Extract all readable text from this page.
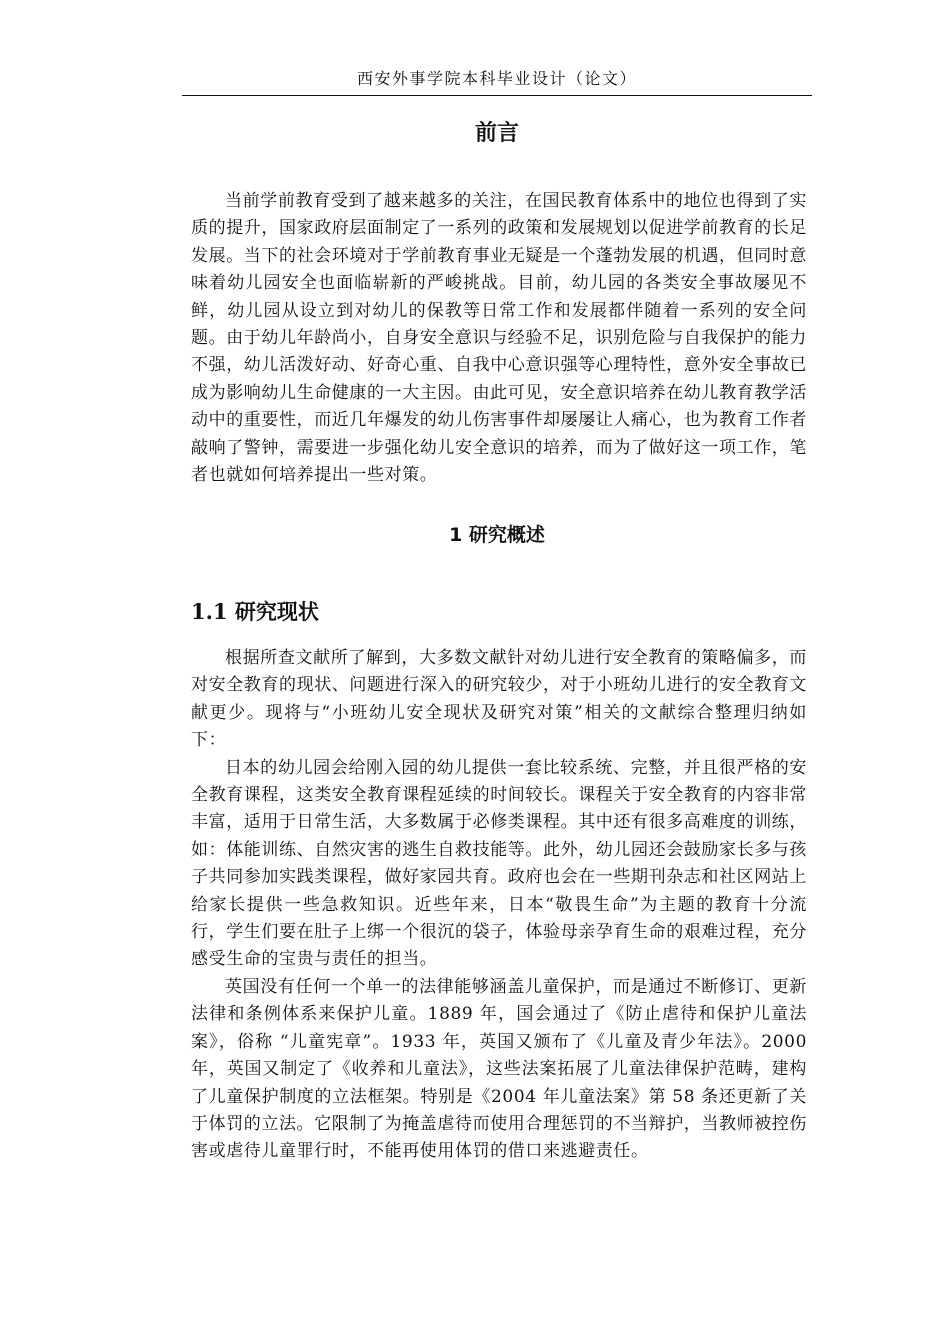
西安外事学院本科毕业设计（论文）
前言

当前学前教育受到了越来越多的关注，在国民教育体系中的地位也得到了实质的提升，国家政府层面制定了一系列的政策和发展规划以促进学前教育的长足发展。当下的社会环境对于学前教育事业无疑是一个蓬勃发展的机遇，但同时意味着幼儿园安全也面临崭新的严峻挑战。目前，幼儿园的各类安全事故屡见不鲜，幼儿园从设立到对幼儿的保教等日常工作和发展都伴随着一系列的安全问题。由于幼儿年龄尚小，自身安全意识与经验不足，识别危险与自我保护的能力不强，幼儿活泼好动、好奇心重、自我中心意识强等心理特性，意外安全事故已成为影响幼儿生命健康的一大主因。由此可见，安全意识培养在幼儿教育教学活动中的重要性，而近几年爆发的幼儿伤害事件却屡屡让人痛心，也为教育工作者敲响了警钟，需要进一步强化幼儿安全意识的培养，而为了做好这一项工作，笔者也就如何培养提出一些对策。

1 研究概述
1.1 研究现状

根据所查文献所了解到，大多数文献针对幼儿进行安全教育的策略偏多，而对安全教育的现状、问题进行深入的研究较少，对于小班幼儿进行的安全教育文献更少。现将与“小班幼儿安全现状及研究对策”相关的文献综合整理归纳如下：

日本的幼儿园会给刚入园的幼儿提供一套比较系统、完整，并且很严格的安全教育课程，这类安全教育课程延续的时间较长。课程关于安全教育的内容非常丰富，适用于日常生活，大多数属于必修类课程。其中还有很多高难度的训练，如：体能训练、自然灾害的逃生自救技能等。此外，幼儿园还会鼓励家长多与孩子共同参加实践类课程，做好家园共育。政府也会在一些期刊杂志和社区网站上给家长提供一些急救知识。近些年来，日本“敬畏生命”为主题的教育十分流行，学生们要在肚子上绑一个很沉的袋子，体验母亲孕育生命的艰难过程，充分感受生命的宝贵与责任的担当。

英国没有任何一个单一的法律能够涵盖儿童保护，而是通过不断修订、更新法律和条例体系来保护儿童。1889 年，国会通过了《防止虐待和保护儿童法案》，俗称 “儿童宪章”。1933 年，英国又颁布了《儿童及青少年法》。2000 年，英国又制定了《收养和儿童法》，这些法案拓展了儿童法律保护范畴，建构了儿童保护制度的立法框架。特别是《2004 年儿童法案》第 58 条还更新了关于体罚的立法。它限制了为掩盖虐待而使用合理惩罚的不当辩护，当教师被控伤害或虐待儿童罪行时，不能再使用体罚的借口来逃避责任。
